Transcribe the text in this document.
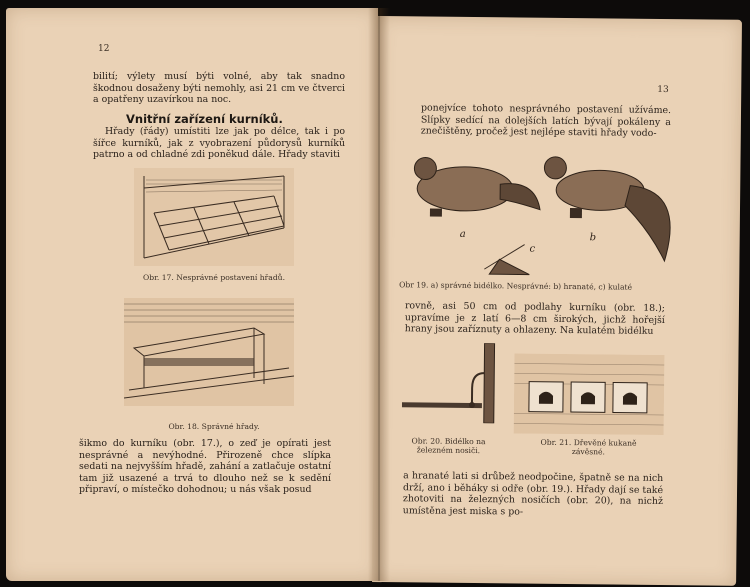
12

bilití; výlety musí býti volné, aby tak snadno škodnou dosaženy býti nemohly, asi 21 cm ve čtverci a opatřeny uzavírkou na noc.

Vnitřní zařízení kurníků.

Hřady (řády) umístiti lze jak po délce, tak i po šířce kurníků, jak z vyobrazení půdorysů kurníků patrno a od chladné zdi poněkud dále. Hřady staviti

Obr. 17. Nesprávné postavení hřadů.
Obr. 18. Správné hřady.

šikmo do kurníku (obr. 17.), o zeď je opírati jest nesprávné a nevýhodné. Přirozeně chce slípka sedati na nejvyšším hřadě, zahání a zatlačuje ostatní tam již usazené a trvá to dlouho než se k sedění připraví, o místečko dohodnou; u nás však posud

13

ponejvíce tohoto nesprávného postavení užíváme. Slípky sedící na dolejších latích bývají pokáleny a znečištěny, pročež jest nejlépe staviti hřady vodo-

a	b
c
Obr 19. a) správné bidélko. Nesprávné: b) hranaté, c) kulaté

rovně, asi 50 cm od podlahy kurníku (obr. 18.); upravíme je z latí 6—8 cm širokých, jichž hořejší hrany jsou zaříznuty a ohlazeny. Na kulatém bidélku

Obr. 20. Bidélko na železném nosiči.
Obr. 21. Dřevěné kukaně závěsné.

a hranaté lati si drůbež neodpočine, špatně se na nich drží, ano i běháky si odře (obr. 19.). Hřady dají se také zhotoviti na železných nosičích (obr. 20), na nichž umístěna jest miska s po-
